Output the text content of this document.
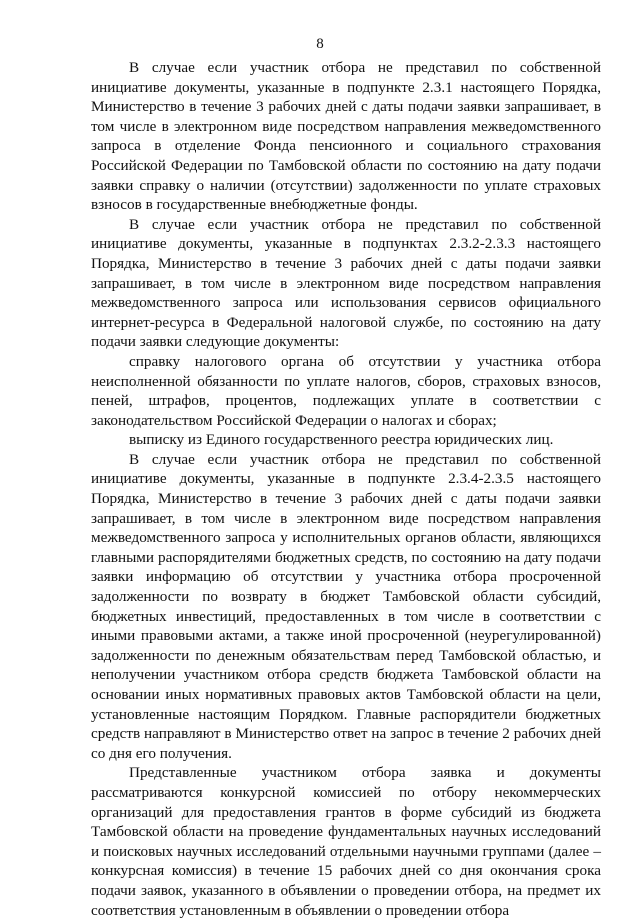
8

В случае если участник отбора не представил по собственной инициативе документы, указанные в подпункте 2.3.1 настоящего Порядка, Министерство в течение 3 рабочих дней с даты подачи заявки запрашивает, в том числе в электронном виде посредством направления межведомственного запроса в отделение Фонда пенсионного и социального страхования Российской Федерации по Тамбовской области по состоянию на дату подачи заявки справку о наличии (отсутствии) задолженности по уплате страховых взносов в государственные внебюджетные фонды.

В случае если участник отбора не представил по собственной инициативе документы, указанные в подпунктах 2.3.2-2.3.3 настоящего Порядка, Министерство в течение 3 рабочих дней с даты подачи заявки запрашивает, в том числе в электронном виде посредством направления межведомственного запроса или использования сервисов официального интернет-ресурса в Федеральной налоговой службе, по состоянию на дату подачи заявки следующие документы:

справку налогового органа об отсутствии у участника отбора неисполненной обязанности по уплате налогов, сборов, страховых взносов, пеней, штрафов, процентов, подлежащих уплате в соответствии с законодательством Российской Федерации о налогах и сборах;

выписку из Единого государственного реестра юридических лиц.

В случае если участник отбора не представил по собственной инициативе документы, указанные в подпункте 2.3.4-2.3.5 настоящего Порядка, Министерство в течение 3 рабочих дней с даты подачи заявки запрашивает, в том числе в электронном виде посредством направления межведомственного запроса у исполнительных органов области, являющихся главными распорядителями бюджетных средств, по состоянию на дату подачи заявки информацию об отсутствии у участника отбора просроченной задолженности по возврату в бюджет Тамбовской области субсидий, бюджетных инвестиций, предоставленных в том числе в соответствии с иными правовыми актами, а также иной просроченной (неурегулированной) задолженности по денежным обязательствам перед Тамбовской областью, и неполучении участником отбора средств бюджета Тамбовской области на основании иных нормативных правовых актов Тамбовской области на цели, установленные настоящим Порядком. Главные распорядители бюджетных средств направляют в Министерство ответ на запрос в течение 2 рабочих дней со дня его получения.

Представленные участником отбора заявка и документы рассматриваются конкурсной комиссией по отбору некоммерческих организаций для предоставления грантов в форме субсидий из бюджета Тамбовской области на проведение фундаментальных научных исследований и поисковых научных исследований отдельными научными группами (далее – конкурсная комиссия) в течение 15 рабочих дней со дня окончания срока подачи заявок, указанного в объявлении о проведении отбора, на предмет их соответствия установленным в объявлении о проведении отбора
